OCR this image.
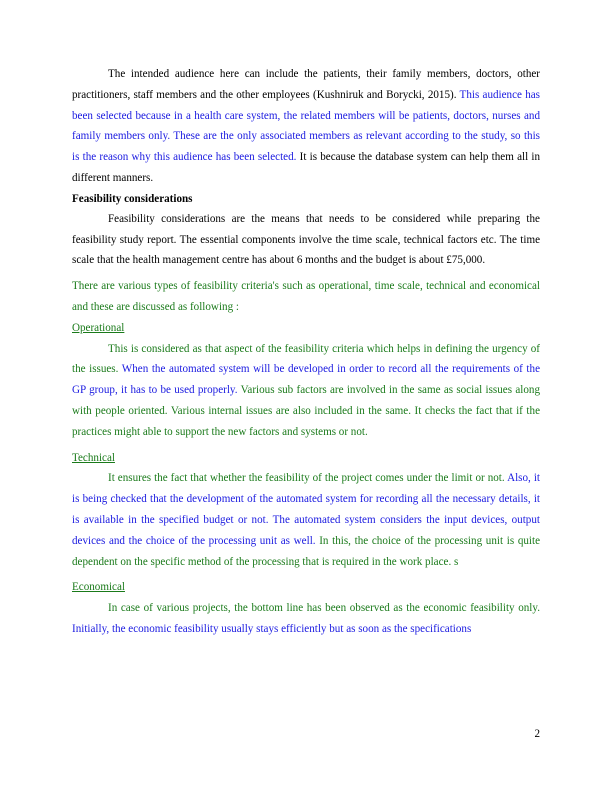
The intended audience here can include the patients, their family members, doctors, other practitioners, staff members and the other employees (Kushniruk and Borycki, 2015). This audience has been selected because in a health care system, the related members will be patients, doctors, nurses and family members only. These are the only associated members as relevant according to the study, so this is the reason why this audience has been selected. It is because the database system can help them all in different manners.

Feasibility considerations

Feasibility considerations are the means that needs to be considered while preparing the feasibility study report. The essential components involve the time scale, technical factors etc. The time scale that the health management centre has about 6 months and the budget is about £75,000.

There are various types of feasibility criteria's such as operational, time scale, technical and economical and these are discussed as following :

Operational

This is considered as that aspect of the feasibility criteria which helps in defining the urgency of the issues. When the automated system will be developed in order to record all the requirements of the GP group, it has to be used properly. Various sub factors are involved in the same as social issues along with people oriented. Various internal issues are also included in the same. It checks the fact that if the practices might able to support the new factors and systems or not.

Technical

It ensures the fact that whether the feasibility of the project comes under the limit or not. Also, it is being checked that the development of the automated system for recording all the necessary details, it is available in the specified budget or not. The automated system considers the input devices, output devices and the choice of the processing unit as well. In this, the choice of the processing unit is quite dependent on the specific method of the processing that is required in the work place. s

Economical

In case of various projects, the bottom line has been observed as the economic feasibility only. Initially, the economic feasibility usually stays efficiently but as soon as the specifications

2
